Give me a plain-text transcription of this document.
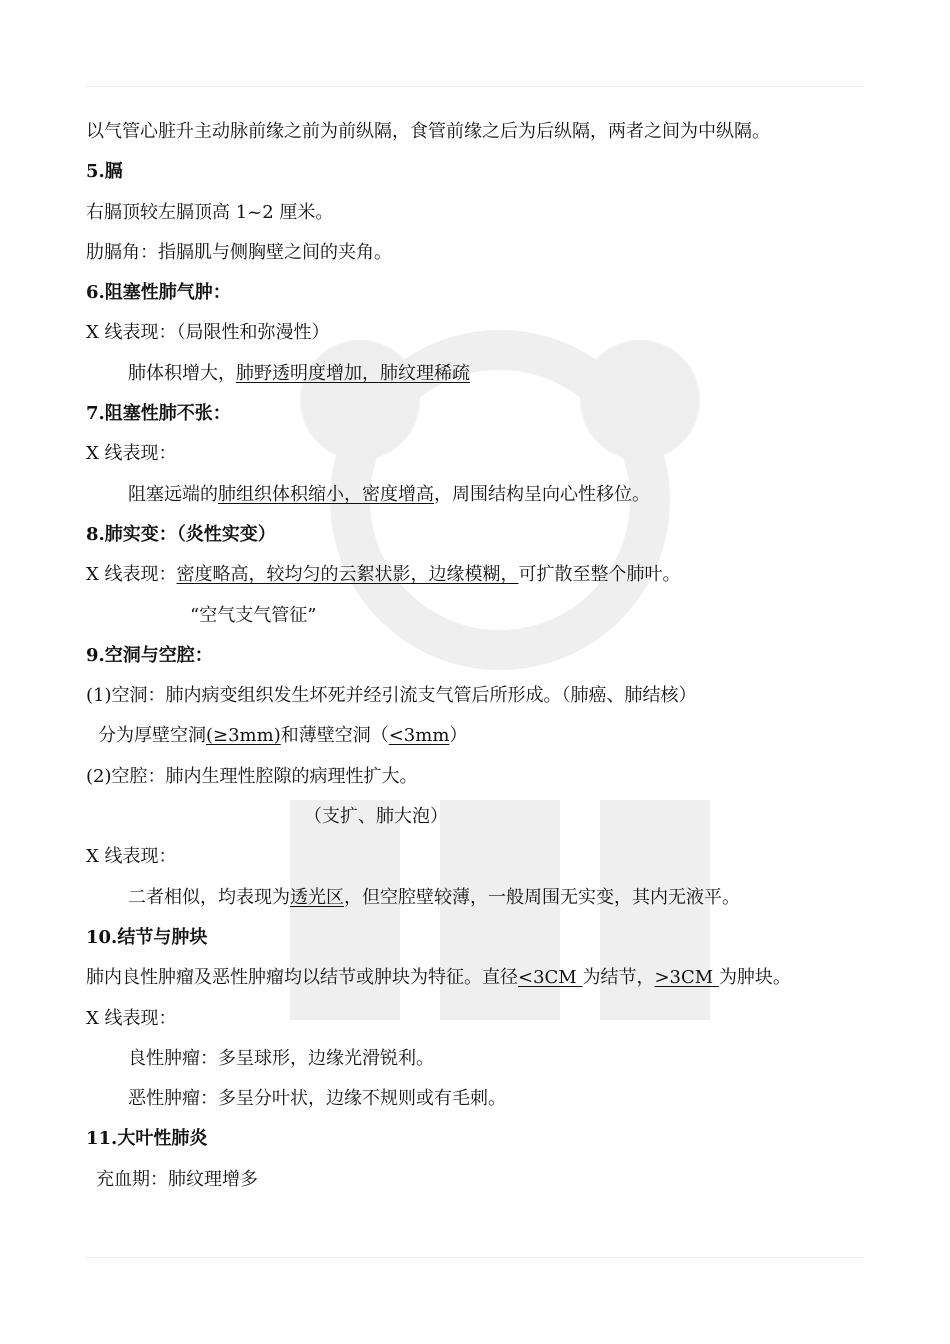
以气管心脏升主动脉前缘之前为前纵隔，食管前缘之后为后纵隔，两者之间为中纵隔。
5.膈
右膈顶较左膈顶高 1~2 厘米。
肋膈角：指膈肌与侧胸壁之间的夹角。
6.阻塞性肺气肿：
X 线表现：（局限性和弥漫性）
肺体积增大，肺野透明度增加，肺纹理稀疏
7.阻塞性肺不张：
X 线表现：
阻塞远端的肺组织体积缩小，密度增高，周围结构呈向心性移位。
8.肺实变：（炎性实变）
X 线表现：密度略高，较均匀的云絮状影，边缘模糊，可扩散至整个肺叶。
“空气支气管征”
9.空洞与空腔：
(1)空洞：肺内病变组织发生坏死并经引流支气管后所形成。（肺癌、肺结核）
分为厚壁空洞(≥3mm)和薄壁空洞（<3mm）
(2)空腔：肺内生理性腔隙的病理性扩大。
（支扩、肺大泡）
X 线表现：
二者相似，均表现为透光区，但空腔壁较薄，一般周围无实变，其内无液平。
10.结节与肿块
肺内良性肿瘤及恶性肿瘤均以结节或肿块为特征。直径<3CM 为结节，>3CM 为肿块。
X 线表现：
良性肿瘤：多呈球形，边缘光滑锐利。
恶性肿瘤：多呈分叶状，边缘不规则或有毛刺。
11.大叶性肺炎
充血期：肺纹理增多
